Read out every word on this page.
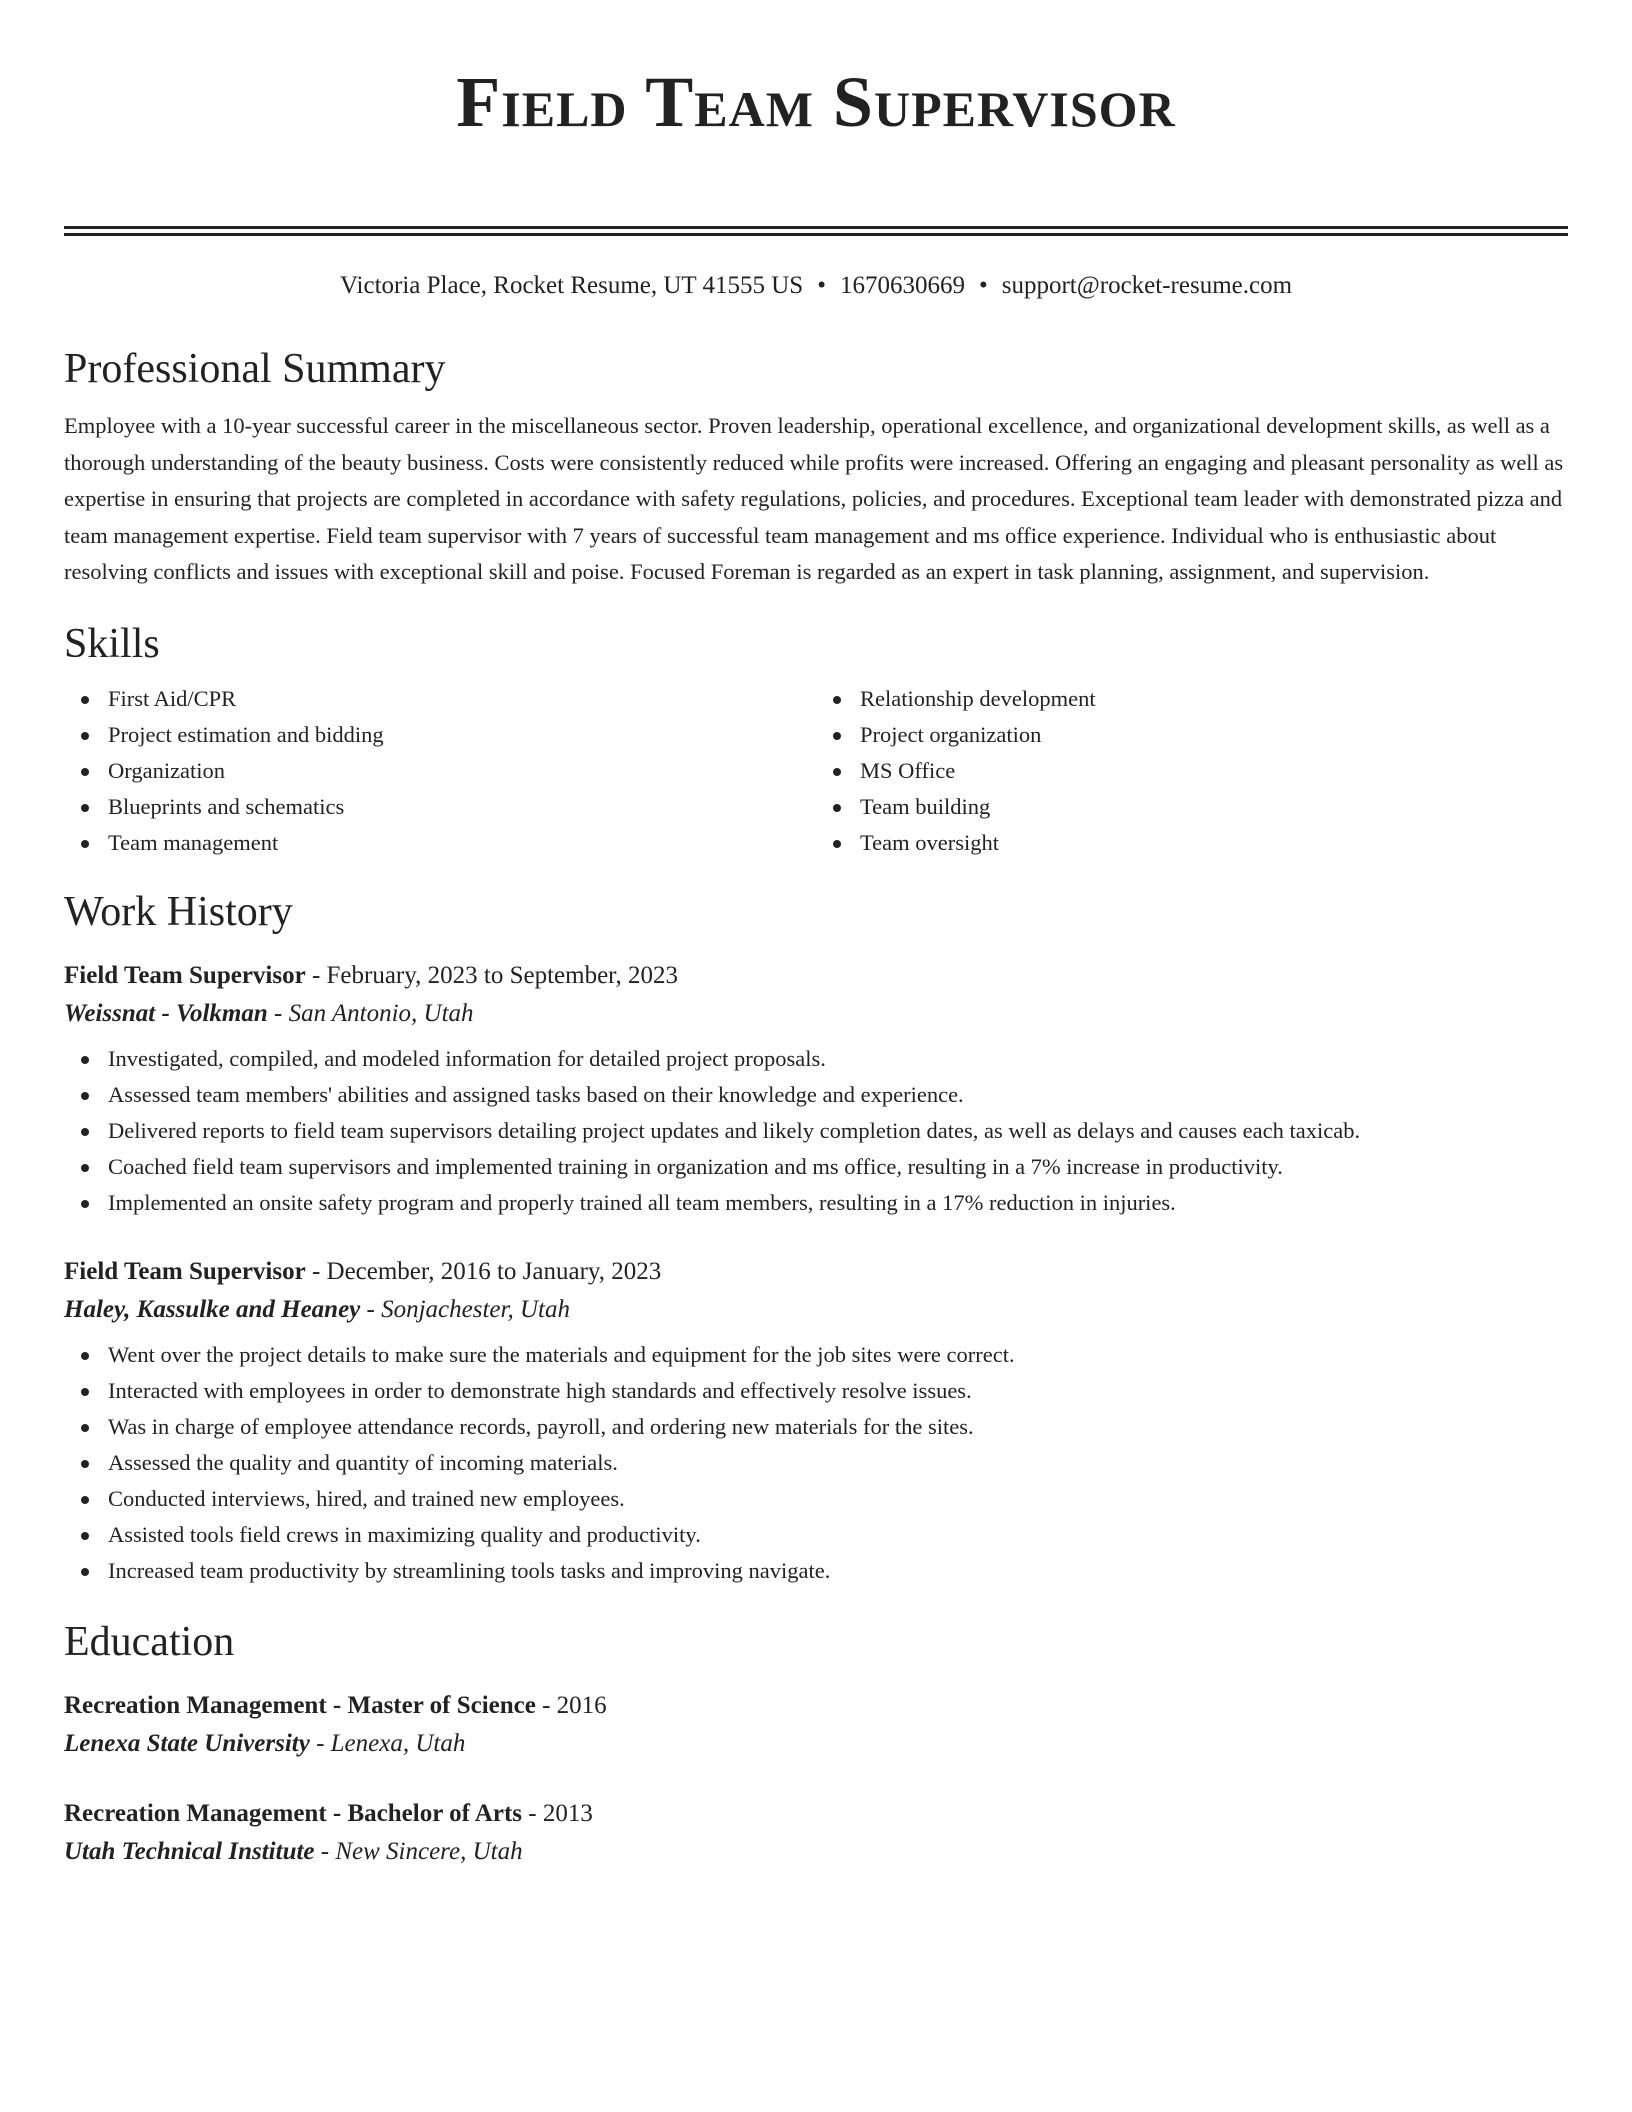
Field Team Supervisor
Victoria Place, Rocket Resume, UT 41555 US • 1670630669 • support@rocket-resume.com
Professional Summary

Employee with a 10-year successful career in the miscellaneous sector. Proven leadership, operational excellence, and organizational development skills, as well as a thorough understanding of the beauty business. Costs were consistently reduced while profits were increased. Offering an engaging and pleasant personality as well as expertise in ensuring that projects are completed in accordance with safety regulations, policies, and procedures. Exceptional team leader with demonstrated pizza and team management expertise. Field team supervisor with 7 years of successful team management and ms office experience. Individual who is enthusiastic about resolving conflicts and issues with exceptional skill and poise. Focused Foreman is regarded as an expert in task planning, assignment, and supervision.

Skills
First Aid/CPR
Project estimation and bidding
Organization
Blueprints and schematics
Team management
Relationship development
Project organization
MS Office
Team building
Team oversight
Work History
Field Team Supervisor - February, 2023 to September, 2023
Weissnat - Volkman - San Antonio, Utah
Investigated, compiled, and modeled information for detailed project proposals.
Assessed team members' abilities and assigned tasks based on their knowledge and experience.
Delivered reports to field team supervisors detailing project updates and likely completion dates, as well as delays and causes each taxicab.
Coached field team supervisors and implemented training in organization and ms office, resulting in a 7% increase in productivity.
Implemented an onsite safety program and properly trained all team members, resulting in a 17% reduction in injuries.
Field Team Supervisor - December, 2016 to January, 2023
Haley, Kassulke and Heaney - Sonjachester, Utah
Went over the project details to make sure the materials and equipment for the job sites were correct.
Interacted with employees in order to demonstrate high standards and effectively resolve issues.
Was in charge of employee attendance records, payroll, and ordering new materials for the sites.
Assessed the quality and quantity of incoming materials.
Conducted interviews, hired, and trained new employees.
Assisted tools field crews in maximizing quality and productivity.
Increased team productivity by streamlining tools tasks and improving navigate.
Education
Recreation Management - Master of Science - 2016
Lenexa State University - Lenexa, Utah
Recreation Management - Bachelor of Arts - 2013
Utah Technical Institute - New Sincere, Utah
